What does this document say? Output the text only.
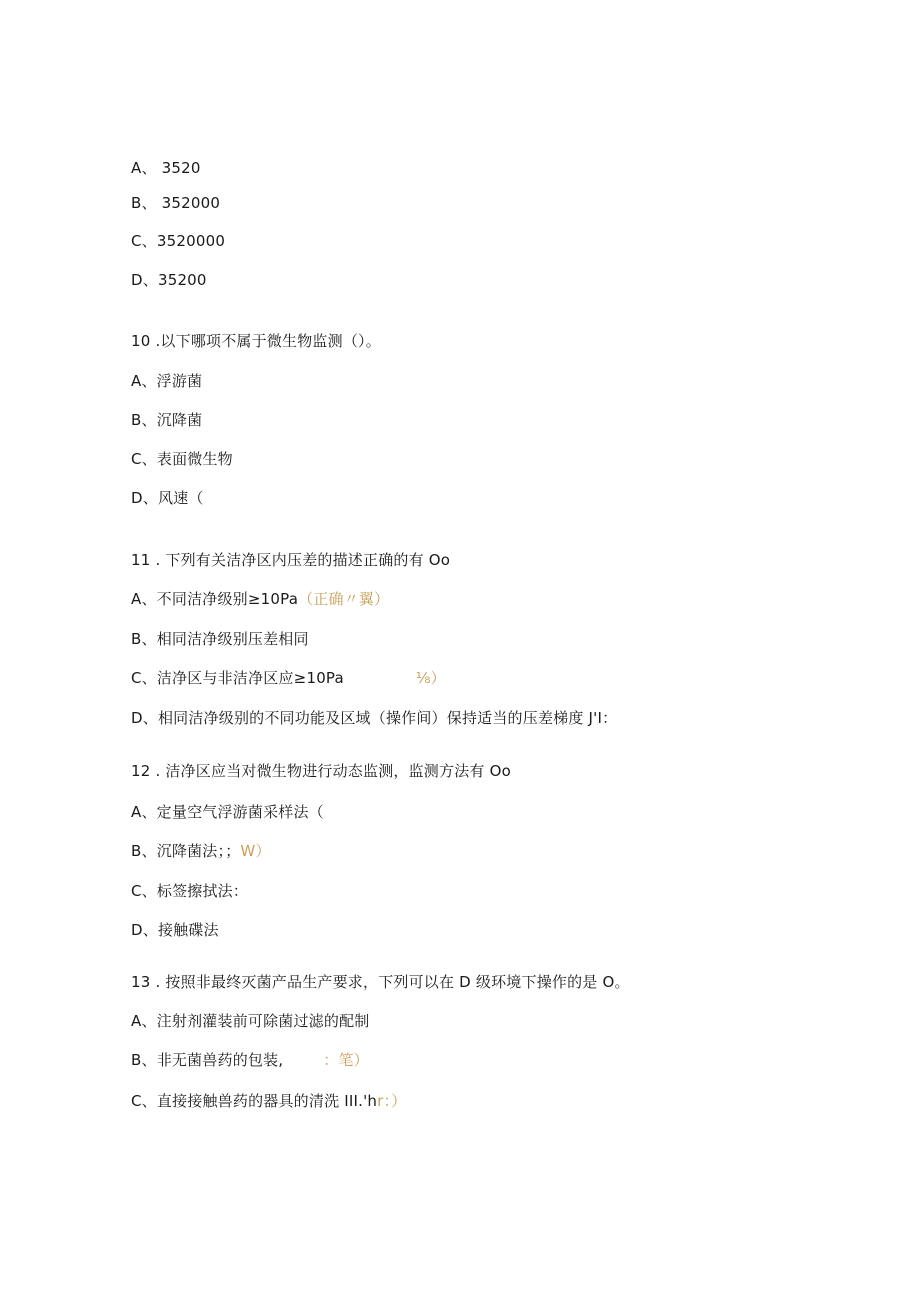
A、 3520
B、 352000
C、3520000
D、35200
10 .以下哪项不属于微生物监测（）。
A、浮游菌
B、沉降菌
C、表面微生物
D、风速（
11 . 下列有关洁净区内压差的描述正确的有 Oo
A、不同洁净级别≥10Pa（正确〃翼）
B、相同洁净级别压差相同
C、洁净区与非洁净区应≥10Pa	⅛）
D、相同洁净级别的不同功能及区域（操作间）保持适当的压差梯度 J'I：
12 . 洁净区应当对微生物进行动态监测，监测方法有 Oo
A、定量空气浮游菌采样法（
B、沉降菌法；；W）
C、标签擦拭法：
D、接触碟法
13 . 按照非最终灭菌产品生产要求，下列可以在 D 级环境下操作的是 O。
A、注射剂灌装前可除菌过滤的配制
B、非无菌兽药的包装,	：笔）
C、直接接触兽药的器具的清洗 III.'hr：）
